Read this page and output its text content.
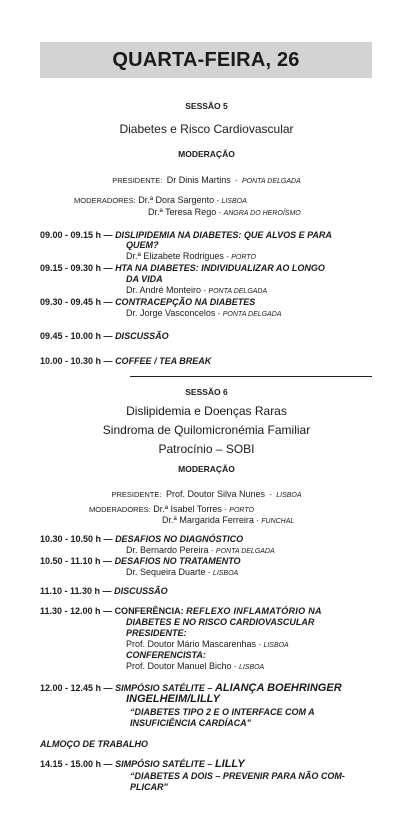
QUARTA-FEIRA, 26
SESSÃO 5
Diabetes e Risco Cardiovascular
MODERAÇÃO
PRESIDENTE: Dr Dinis Martins - PONTA DELGADA
MODERADORES: Dr.ª Dora Sargento - LISBOA
Dr.ª Teresa Rego - ANGRA DO HEROÍSMO
09.00 - 09.15 h — DISLIPIDEMIA NA DIABETES: QUE ALVOS E PARA
QUEM?
Dr.ª Elizabete Rodrigues - PORTO
09.15 - 09.30 h — HTA NA DIABETES: INDIVIDUALIZAR AO LONGO
DA VIDA
Dr. André Monteiro - PONTA DELGADA
09.30 - 09.45 h — CONTRACEPÇÃO NA DIABETES
Dr. Jorge Vasconcelos - PONTA DELGADA
09.45 - 10.00 h — DISCUSSÃO
10.00 - 10.30 h — COFFEE / TEA BREAK
SESSÃO 6
Dislipidemia e Doenças Raras
Sindroma de Quilomicronémia Familiar
Patrocínio – SOBI
MODERAÇÃO
PRESIDENTE: Prof. Doutor Silva Nunes - LISBOA
MODERADORES: Dr.ª Isabel Torres - PORTO
Dr.ª Margarida Ferreira - FUNCHAL
10.30 - 10.50 h — DESAFIOS NO DIAGNÓSTICO
Dr. Bernardo Pereira - PONTA DELGADA
10.50 - 11.10 h — DESAFIOS NO TRATAMENTO
Dr. Sequeira Duarte - LISBOA
11.10 - 11.30 h — DISCUSSÃO
11.30 - 12.00 h — CONFERÊNCIA: REFLEXO INFLAMATÓRIO NA
DIABETES E NO RISCO CARDIOVASCULAR
PRESIDENTE:
Prof. Doutor Mário Mascarenhas - LISBOA
CONFERENCISTA:
Prof. Doutor Manuel Bicho - LISBOA
12.00 - 12.45 h — SIMPÓSIO SATÉLITE – ALIANÇA BOEHRINGER
INGELHEIM/LILLY
“DIABETES TIPO 2 E O INTERFACE COM A
INSUFICIÊNCIA CARDÍACA"
ALMOÇO DE TRABALHO
14.15 - 15.00 h — SIMPÓSIO SATÉLITE – LILLY
“DIABETES A DOIS – PREVENIR PARA NÃO COM-
PLICAR"
